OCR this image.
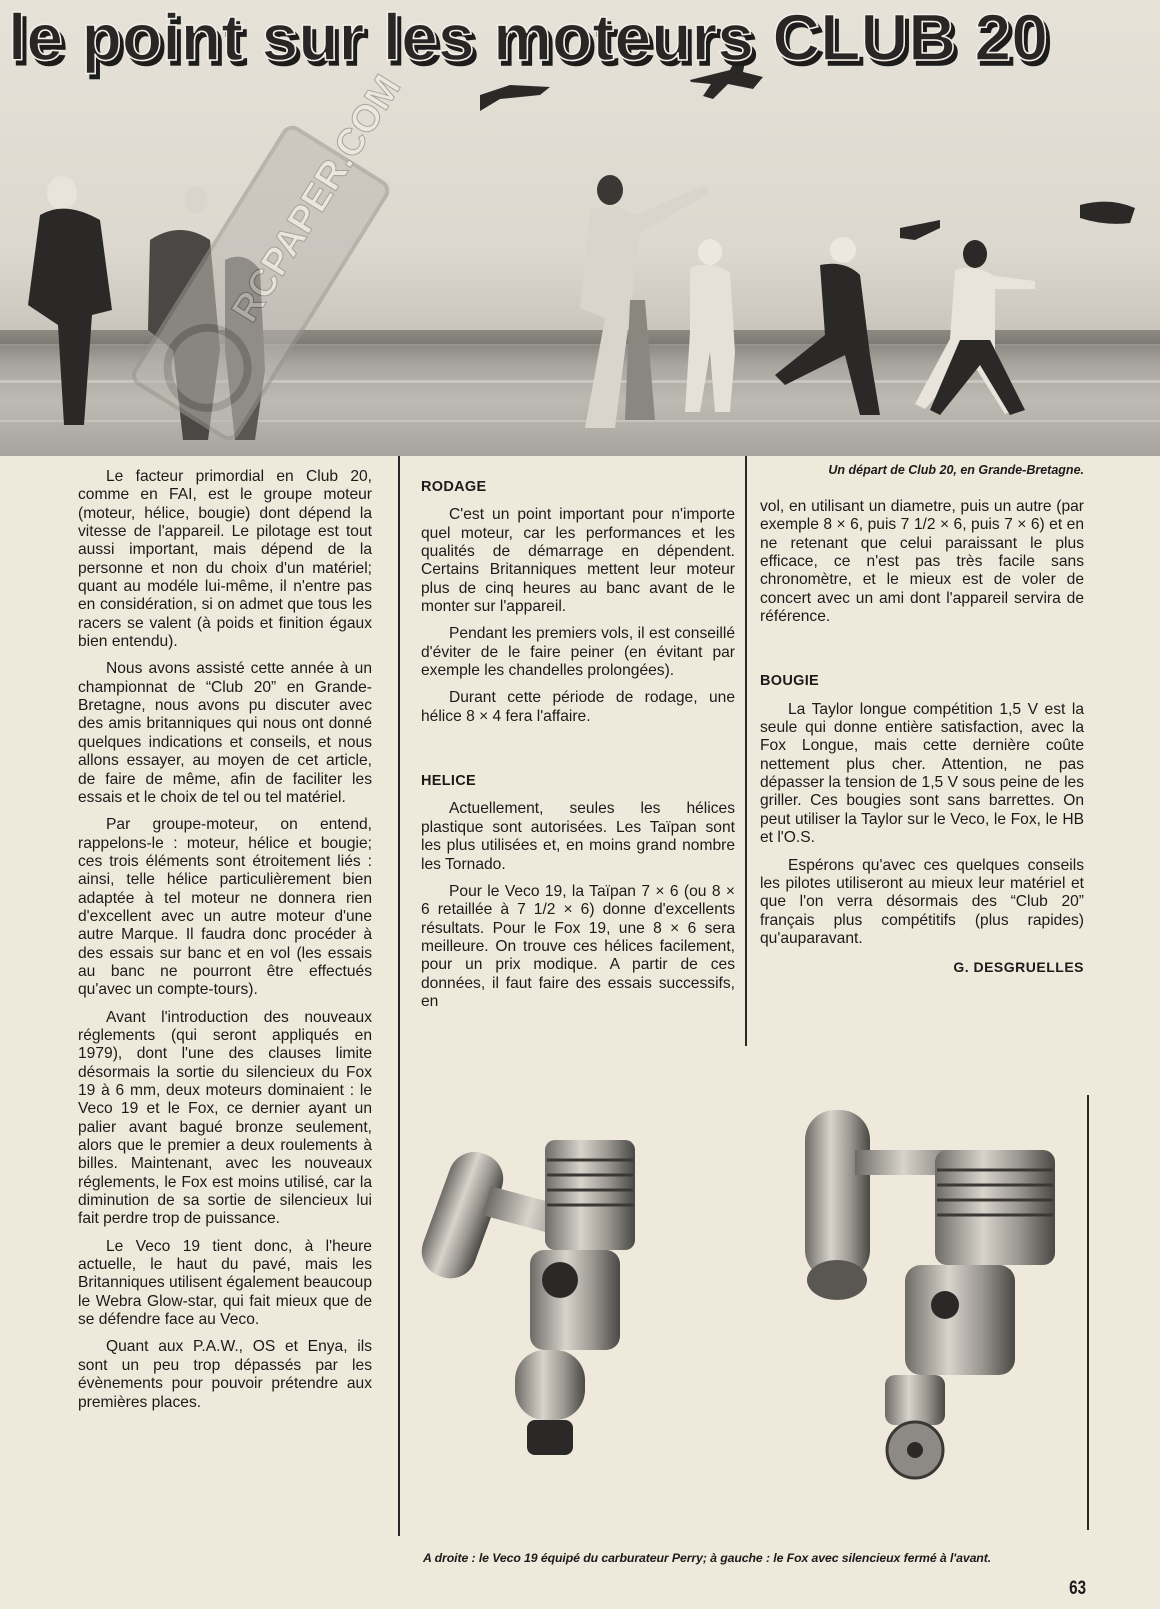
RCPAPER.COM
le point sur les moteurs CLUB 20
Un départ de Club 20, en Grande-Bretagne.

Le facteur primordial en Club 20, comme en FAI, est le groupe moteur (moteur, hélice, bougie) dont dépend la vitesse de l'appareil. Le pilotage est tout aussi important, mais dépend de la personne et non du choix d'un matériel; quant au modéle lui-même, il n'entre pas en considération, si on admet que tous les racers se valent (à poids et finition égaux bien entendu).

Nous avons assisté cette année à un championnat de “Club 20” en Grande-Bretagne, nous avons pu discuter avec des amis britanniques qui nous ont donné quelques indications et conseils, et nous allons essayer, au moyen de cet article, de faire de même, afin de faciliter les essais et le choix de tel ou tel matériel.

Par groupe-moteur, on entend, rappelons-le : moteur, hélice et bougie; ces trois éléments sont étroitement liés : ainsi, telle hélice particulièrement bien adaptée à tel moteur ne donnera rien d'excellent avec un autre moteur d'une autre Marque. Il faudra donc procéder à des essais sur banc et en vol (les essais au banc ne pourront être effectués qu'avec un compte-tours).

Avant l'introduction des nouveaux réglements (qui seront appliqués en 1979), dont l'une des clauses limite désormais la sortie du silencieux du Fox 19 à 6 mm, deux moteurs dominaient : le Veco 19 et le Fox, ce dernier ayant un palier avant bagué bronze seulement, alors que le premier a deux roulements à billes. Maintenant, avec les nouveaux réglements, le Fox est moins utilisé, car la diminution de sa sortie de silencieux lui fait perdre trop de puissance.

Le Veco 19 tient donc, à l'heure actuelle, le haut du pavé, mais les Britanniques utilisent également beaucoup le Webra Glow-star, qui fait mieux que de se défendre face au Veco.

Quant aux P.A.W., OS et Enya, ils sont un peu trop dépassés par les évènements pour pouvoir prétendre aux premières places.

RODAGE

C'est un point important pour n'importe quel moteur, car les performances et les qualités de démarrage en dépendent. Certains Britanniques mettent leur moteur plus de cinq heures au banc avant de le monter sur l'appareil.

Pendant les premiers vols, il est conseillé d'éviter de le faire peiner (en évitant par exemple les chandelles prolongées).

Durant cette période de rodage, une hélice 8 × 4 fera l'affaire.

HELICE

Actuellement, seules les hélices plastique sont autorisées. Les Taïpan sont les plus utilisées et, en moins grand nombre les Tornado.

Pour le Veco 19, la Taïpan 7 × 6 (ou 8 × 6 retaillée à 7 1/2 × 6) donne d'excellents résultats. Pour le Fox 19, une 8 × 6 sera meilleure. On trouve ces hélices facilement, pour un prix modique. A partir de ces données, il faut faire des essais successifs, en

vol, en utilisant un diametre, puis un autre (par exemple 8 × 6, puis 7 1/2 × 6, puis 7 × 6) et en ne retenant que celui paraissant le plus efficace, ce n'est pas très facile sans chronomètre, et le mieux est de voler de concert avec un ami dont l'appareil servira de référence.

BOUGIE

La Taylor longue compétition 1,5 V est la seule qui donne entière satisfaction, avec la Fox Longue, mais cette dernière coûte nettement plus cher. Attention, ne pas dépasser la tension de 1,5 V sous peine de les griller. Ces bougies sont sans barrettes. On peut utiliser la Taylor sur le Veco, le Fox, le HB et l'O.S.

Espérons qu'avec ces quelques conseils les pilotes utiliseront au mieux leur matériel et que l'on verra désormais des “Club 20” français plus compétitifs (plus rapides) qu'auparavant.

G. DESGRUELLES
A droite : le Veco 19 équipé du carburateur Perry; à gauche : le Fox avec silencieux fermé à l'avant.
63
